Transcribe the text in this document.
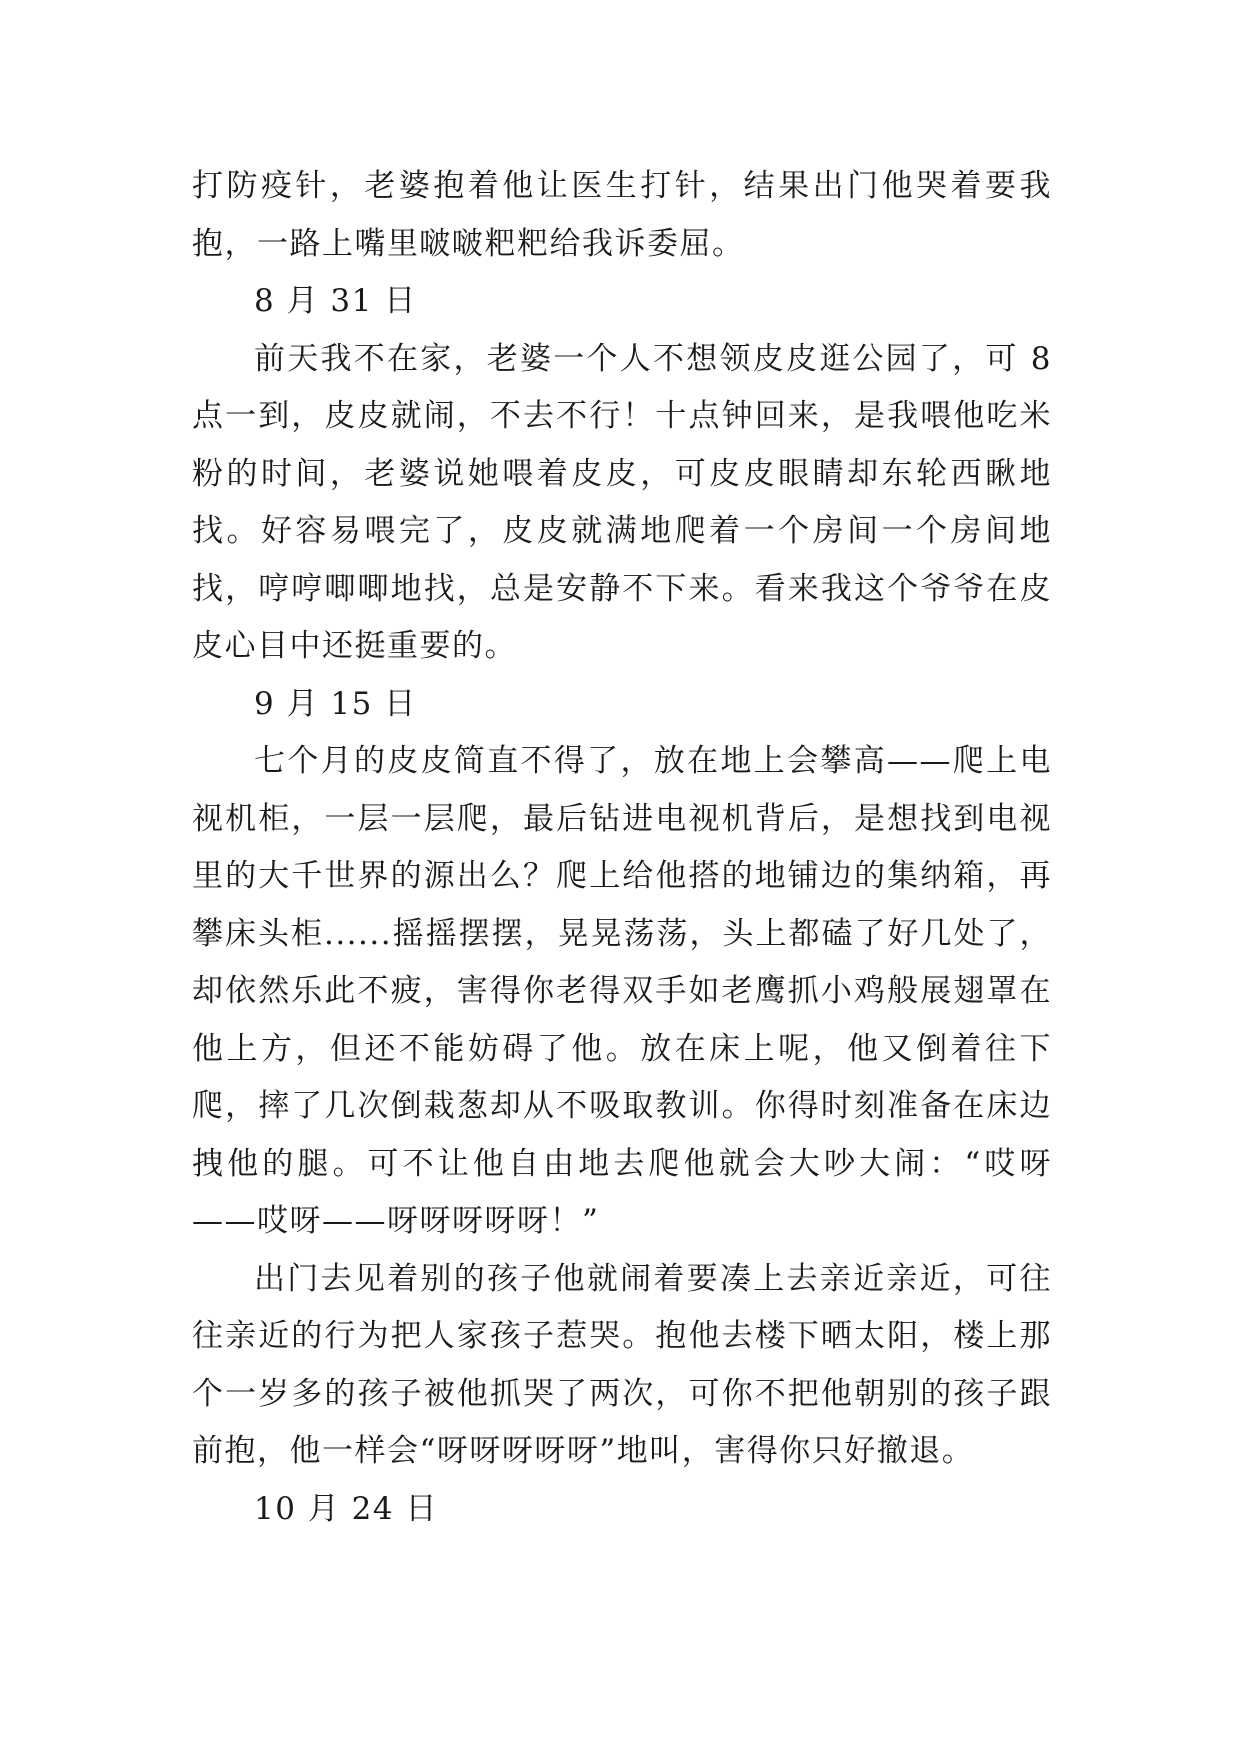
打防疫针，老婆抱着他让医生打针，结果出门他哭着要我抱，一路上嘴里啵啵粑粑给我诉委屈。

8 月 31 日

前天我不在家，老婆一个人不想领皮皮逛公园了，可 8 点一到，皮皮就闹，不去不行！十点钟回来，是我喂他吃米粉的时间，老婆说她喂着皮皮，可皮皮眼睛却东轮西瞅地找。好容易喂完了，皮皮就满地爬着一个房间一个房间地找，哼哼唧唧地找，总是安静不下来。看来我这个爷爷在皮皮心目中还挺重要的。

9 月 15 日

七个月的皮皮简直不得了，放在地上会攀高——爬上电视机柜，一层一层爬，最后钻进电视机背后，是想找到电视里的大千世界的源出么？爬上给他搭的地铺边的集纳箱，再攀床头柜......摇摇摆摆，晃晃荡荡，头上都磕了好几处了，却依然乐此不疲，害得你老得双手如老鹰抓小鸡般展翅罩在他上方，但还不能妨碍了他。放在床上呢，他又倒着往下爬，摔了几次倒栽葱却从不吸取教训。你得时刻准备在床边拽他的腿。可不让他自由地去爬他就会大吵大闹：“哎呀——哎呀——呀呀呀呀呀！”

出门去见着别的孩子他就闹着要凑上去亲近亲近，可往往亲近的行为把人家孩子惹哭。抱他去楼下晒太阳，楼上那个一岁多的孩子被他抓哭了两次，可你不把他朝别的孩子跟前抱，他一样会“呀呀呀呀呀”地叫，害得你只好撤退。

10 月 24 日
